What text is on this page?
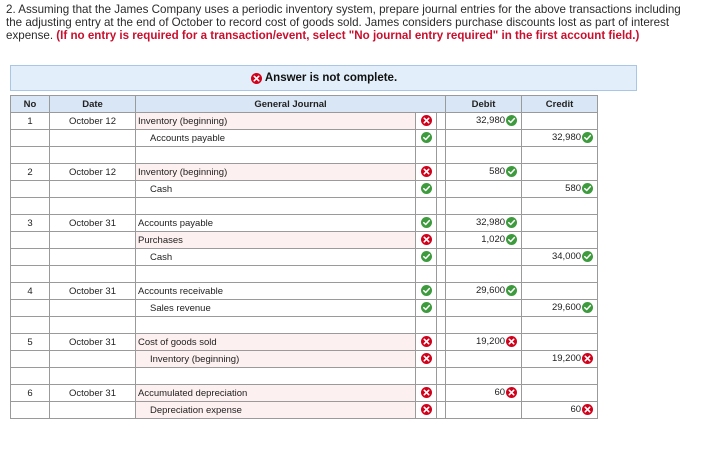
2. Assuming that the James Company uses a periodic inventory system, prepare journal entries for the above transactions including
the adjusting entry at the end of October to record cost of goods sold. James considers purchase discounts lost as part of interest
expense. (If no entry is required for a transaction/event, select "No journal entry required" in the first account field.)
Answer is not complete.
No	Date	General Journal			Debit	Credit
1	October 12	Inventory (beginning)			32,980

		Accounts payable				32,980

2	October 12	Inventory (beginning)			580

		Cash				580

3	October 31	Accounts payable			32,980

		Purchases			1,020

		Cash				34,000

4	October 31	Accounts receivable			29,600

		Sales revenue				29,600

5	October 31	Cost of goods sold			19,200

		Inventory (beginning)				19,200

6	October 31	Accumulated depreciation			60

		Depreciation expense				60
